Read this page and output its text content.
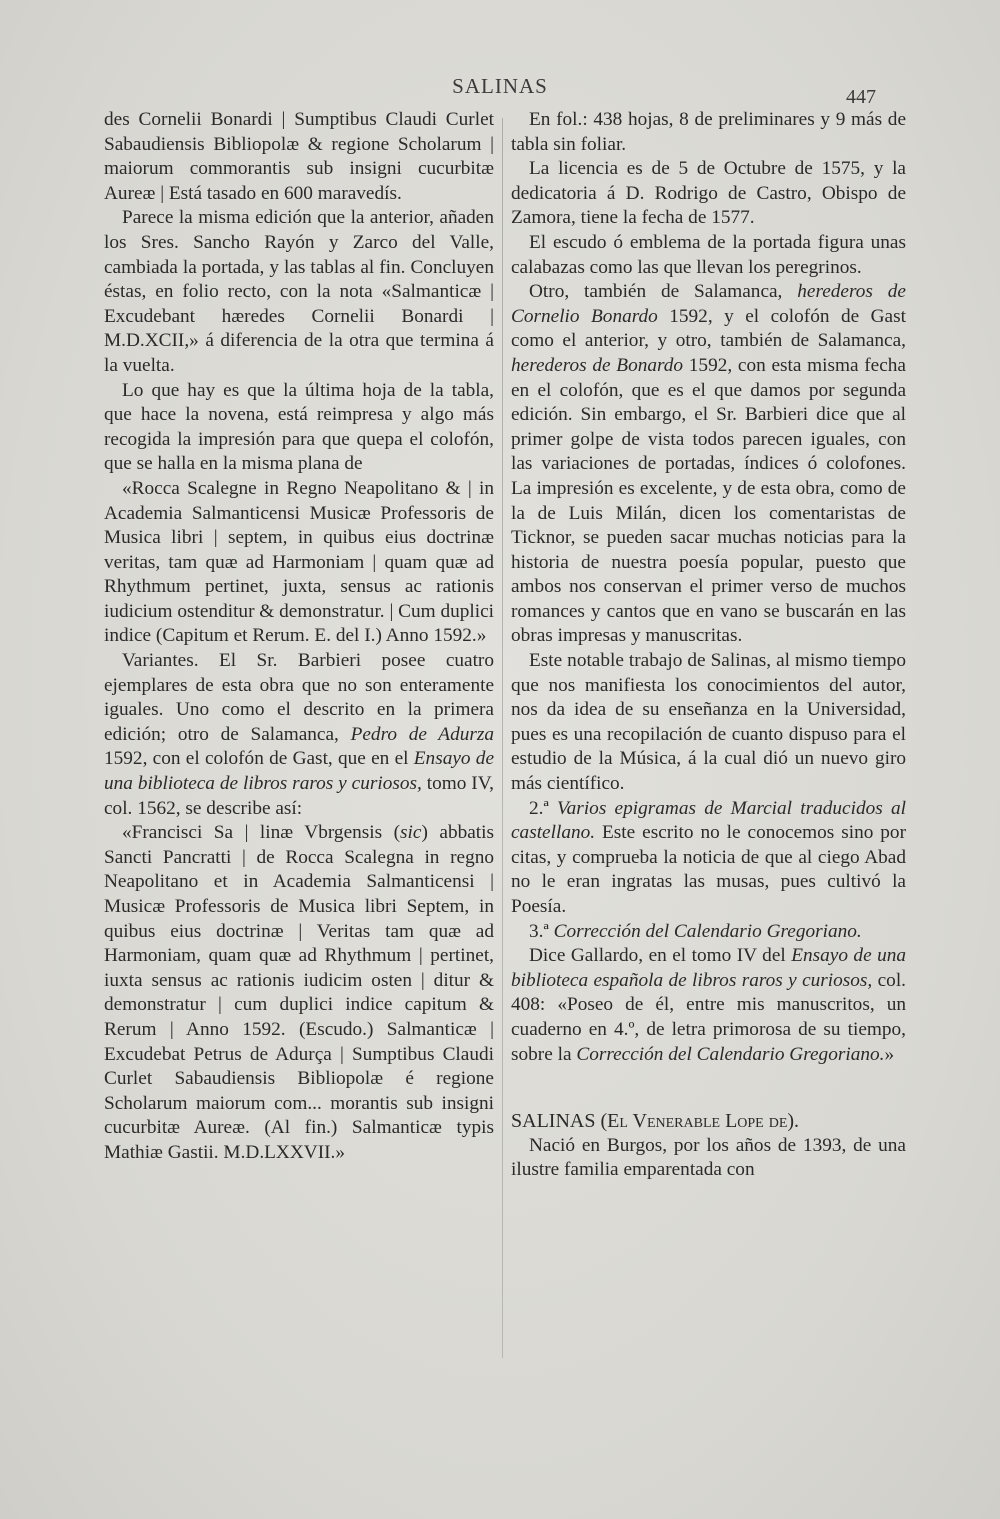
SALINAS	447

des Cornelii Bonardi | Sumptibus Claudi Curlet Sabaudiensis Bibliopolæ & regione Scholarum | maiorum commorantis sub insigni cucurbitæ Aureæ | Está tasado en 600 maravedís.

Parece la misma edición que la anterior, añaden los Sres. Sancho Rayón y Zarco del Valle, cambiada la portada, y las tablas al fin. Concluyen éstas, en folio recto, con la nota «Salmanticæ | Excudebant hæredes Cornelii Bonardi | M.D.XCII,» á diferencia de la otra que termina á la vuelta.

Lo que hay es que la última hoja de la tabla, que hace la novena, está reimpresa y algo más recogida la impresión para que quepa el colofón, que se halla en la misma plana de

«Rocca Scalegne in Regno Neapolitano & | in Academia Salmanticensi Musicæ Professoris de Musica libri | septem, in quibus eius doctrinæ veritas, tam quæ ad Harmoniam | quam quæ ad Rhythmum pertinet, juxta, sensus ac rationis iudicium ostenditur & demonstratur. | Cum duplici indice (Capitum et Rerum. E. del I.) Anno 1592.»

Variantes. El Sr. Barbieri posee cuatro ejemplares de esta obra que no son enteramente iguales. Uno como el descrito en la primera edición; otro de Salamanca, Pedro de Adurza 1592, con el colofón de Gast, que en el Ensayo de una biblioteca de libros raros y curiosos, tomo IV, col. 1562, se describe así:

«Francisci Sa | linæ Vbrgensis (sic) abbatis Sancti Pancratti | de Rocca Scalegna in regno Neapolitano et in Academia Salmanticensi | Musicæ Professoris de Musica libri Septem, in quibus eius doctrinæ | Veritas tam quæ ad Harmoniam, quam quæ ad Rhythmum | pertinet, iuxta sensus ac rationis iudicim osten | ditur & demonstratur | cum duplici indice capitum & Rerum | Anno 1592. (Escudo.) Salmanticæ | Excudebat Petrus de Adurça | Sumptibus Claudi Curlet Sabaudiensis Bibliopolæ é regione Scholarum maiorum com... morantis sub insigni cucurbitæ Aureæ. (Al fin.) Salmanticæ typis Mathiæ Gastii. M.D.LXXVII.»

En fol.: 438 hojas, 8 de preliminares y 9 más de tabla sin foliar.

La licencia es de 5 de Octubre de 1575, y la dedicatoria á D. Rodrigo de Castro, Obispo de Zamora, tiene la fecha de 1577.

El escudo ó emblema de la portada figura unas calabazas como las que llevan los peregrinos.

Otro, también de Salamanca, herederos de Cornelio Bonardo 1592, y el colofón de Gast como el anterior, y otro, también de Salamanca, herederos de Bonardo 1592, con esta misma fecha en el colofón, que es el que damos por segunda edición. Sin embargo, el Sr. Barbieri dice que al primer golpe de vista todos parecen iguales, con las variaciones de portadas, índices ó colofones. La impresión es excelente, y de esta obra, como de la de Luis Milán, dicen los comentaristas de Ticknor, se pueden sacar muchas noticias para la historia de nuestra poesía popular, puesto que ambos nos conservan el primer verso de muchos romances y cantos que en vano se buscarán en las obras impresas y manuscritas.

Este notable trabajo de Salinas, al mismo tiempo que nos manifiesta los conocimientos del autor, nos da idea de su enseñanza en la Universidad, pues es una recopilación de cuanto dispuso para el estudio de la Música, á la cual dió un nuevo giro más científico.

2.ª Varios epigramas de Marcial traducidos al castellano. Este escrito no le conocemos sino por citas, y comprueba la noticia de que al ciego Abad no le eran ingratas las musas, pues cultivó la Poesía.

3.ª Corrección del Calendario Gregoriano.

Dice Gallardo, en el tomo IV del Ensayo de una biblioteca española de libros raros y curiosos, col. 408: «Poseo de él, entre mis manuscritos, un cuaderno en 4.º, de letra primorosa de su tiempo, sobre la Corrección del Calendario Gregoriano.»

SALINAS (El Venerable Lope de).

Nació en Burgos, por los años de 1393, de una ilustre familia emparentada con
